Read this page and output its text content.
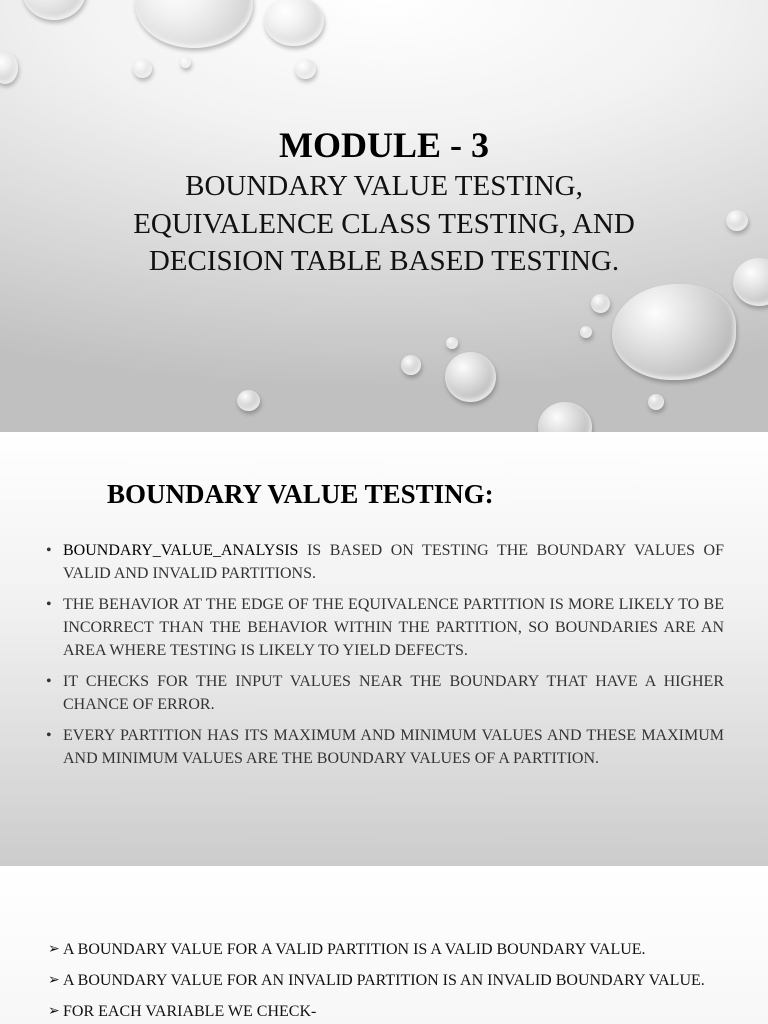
MODULE - 3
BOUNDARY VALUE TESTING,
EQUIVALENCE CLASS TESTING, AND
DECISION TABLE BASED TESTING.
BOUNDARY VALUE TESTING:
• BOUNDARY_VALUE_ANALYSIS IS BASED ON TESTING THE BOUNDARY VALUES OF VALID AND INVALID PARTITIONS.
• THE BEHAVIOR AT THE EDGE OF THE EQUIVALENCE PARTITION IS MORE LIKELY TO BE INCORRECT THAN THE BEHAVIOR WITHIN THE PARTITION, SO BOUNDARIES ARE AN AREA WHERE TESTING IS LIKELY TO YIELD DEFECTS.
• IT CHECKS FOR THE INPUT VALUES NEAR THE BOUNDARY THAT HAVE A HIGHER CHANCE OF ERROR.
• EVERY PARTITION HAS ITS MAXIMUM AND MINIMUM VALUES AND THESE MAXIMUM AND MINIMUM VALUES ARE THE BOUNDARY VALUES OF A PARTITION.
➢ A BOUNDARY VALUE FOR A VALID PARTITION IS A VALID BOUNDARY VALUE.
➢ A BOUNDARY VALUE FOR AN INVALID PARTITION IS AN INVALID BOUNDARY VALUE.
➢ FOR EACH VARIABLE WE CHECK-
